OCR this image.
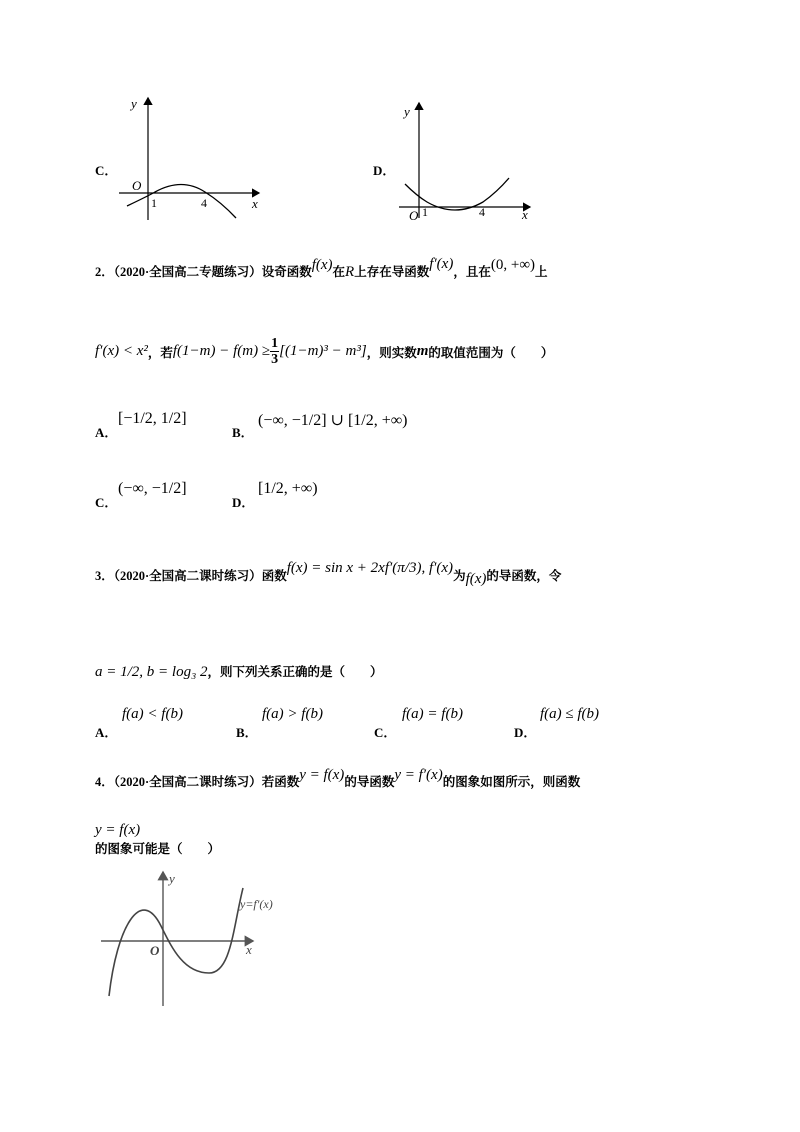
C．
y
x
O
1	4
D．
y
x
O 1	4
2．（2020·全国高二专题练习）设奇函数f(x)在R上存在导函数f′(x)，且在(0, +∞)上
f′(x) < x² ，若 $f(1-m) - f(m) \ge \frac{1}{3} [(1-m)^3 - m^3]$ ，则实数 m 的取值范围为（　　）
A．
[−1/2, 1/2]
B．
(−∞, −1/2] ∪ [1/2, +∞)
C．
(−∞, −1/2]
D．
[1/2, +∞)
3．（2020·全国高二课时练习）函数f(x) = sin x + 2xf′(π/3), f′(x)为f(x)的导函数，令
a = 1/2, b = log₃ 2，则下列关系正确的是（　　）
A．
f(a) < f(b)
B．
f(a) > f(b)
C．
f(a) = f(b)
D．
f(a) ≤ f(b)
4．（2020·全国高二课时练习）若函数y = f(x)的导函数y = f′(x)的图象如图所示，则函数
y = f(x)
的图象可能是（　　）
y
x
O
y=f′(x)
